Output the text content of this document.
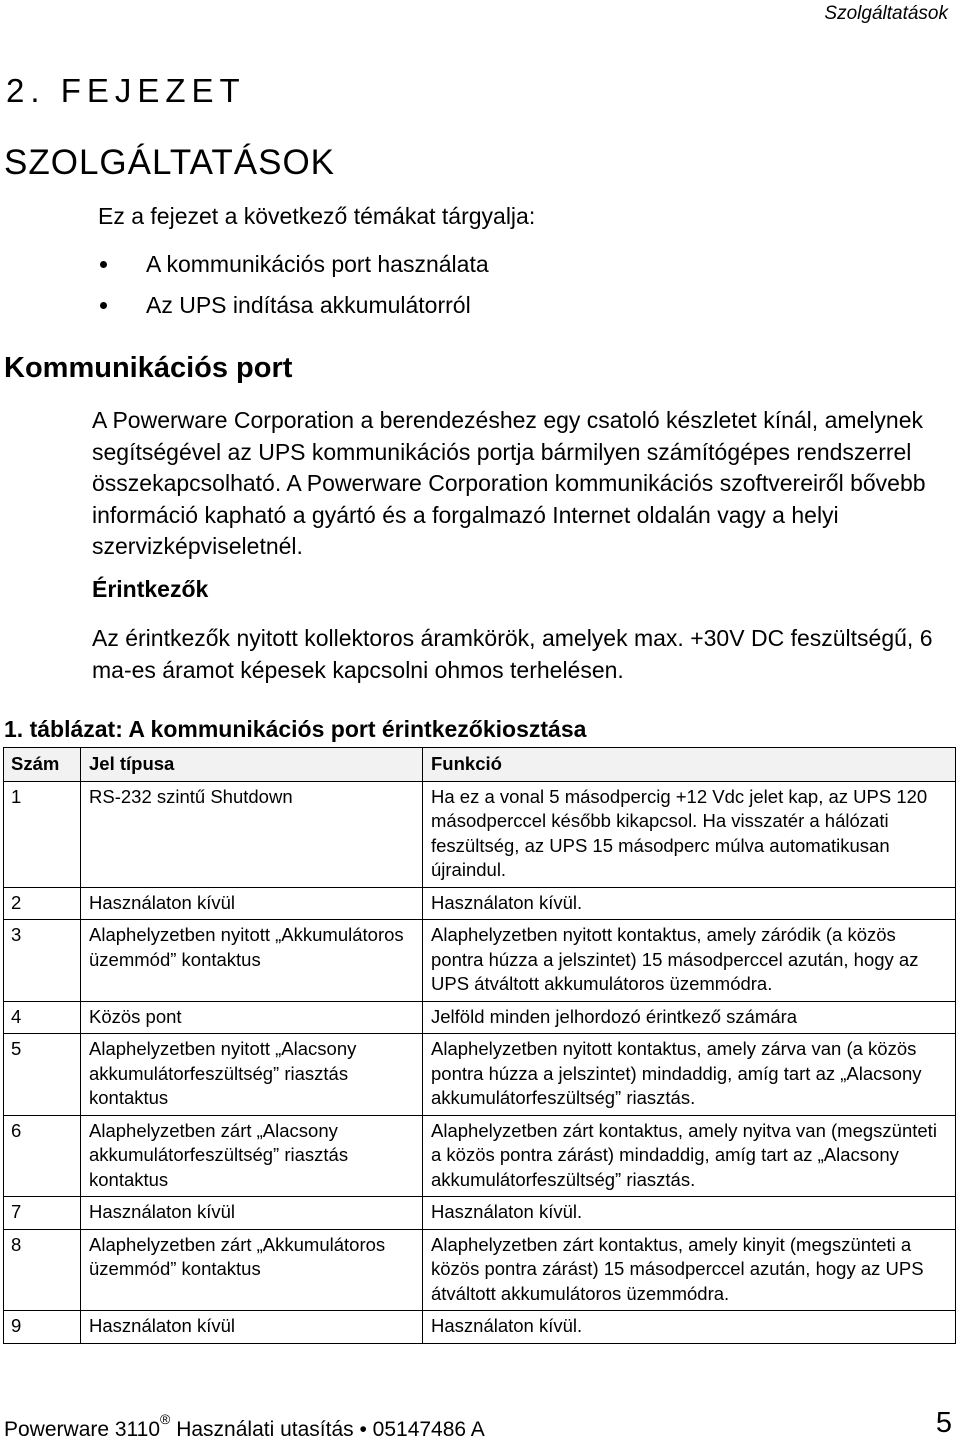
Szolgáltatások
2. FEJEZET
SZOLGÁLTATÁSOK
Ez a fejezet a következő témákat tárgyalja:
A kommunikációs port használata
Az UPS indítása akkumulátorról
Kommunikációs port

A Powerware Corporation a berendezéshez egy csatoló készletet kínál, amelynek segítségével az UPS kommunikációs portja bármilyen számítógépes rendszerrel összekapcsolható. A Powerware Corporation kommunikációs szoftvereiről bővebb információ kapható a gyártó és a forgalmazó Internet oldalán vagy a helyi szervizképviseletnél.

Érintkezők

Az érintkezők nyitott kollektoros áramkörök, amelyek max. +30V DC feszültségű, 6 ma-es áramot képesek kapcsolni ohmos terhelésen.

1. táblázat: A kommunikációs port érintkezőkiosztása
Szám	Jel típusa	Funkció
1	RS-232 szintű Shutdown	Ha ez a vonal 5 másodpercig +12 Vdc jelet kap, az UPS 120 másodperccel később kikapcsol. Ha visszatér a hálózati feszültség, az UPS 15 másodperc múlva automatikusan újraindul.
2	Használaton kívül	Használaton kívül.
3	Alaphelyzetben nyitott „Akkumulátoros üzemmód” kontaktus	Alaphelyzetben nyitott kontaktus, amely záródik (a közös pontra húzza a jelszintet) 15 másodperccel azután, hogy az UPS átváltott akkumulátoros üzemmódra.
4	Közös pont	Jelföld minden jelhordozó érintkező számára
5	Alaphelyzetben nyitott „Alacsony akkumulátorfeszültség” riasztás kontaktus	Alaphelyzetben nyitott kontaktus, amely zárva van (a közös pontra húzza a jelszintet) mindaddig, amíg tart az „Alacsony akkumulátorfeszültség” riasztás.
6	Alaphelyzetben zárt „Alacsony akkumulátorfeszültség” riasztás kontaktus	Alaphelyzetben zárt kontaktus, amely nyitva van (megszünteti a közös pontra zárást) mindaddig, amíg tart az „Alacsony akkumulátorfeszültség” riasztás.
7	Használaton kívül	Használaton kívül.
8	Alaphelyzetben zárt „Akkumulátoros üzemmód” kontaktus	Alaphelyzetben zárt kontaktus, amely kinyit (megszünteti a közös pontra zárást) 15 másodperccel azután, hogy az UPS átváltott akkumulátoros üzemmódra.
9	Használaton kívül	Használaton kívül.
Powerware 3110® Használati utasítás • 05147486 A	5
